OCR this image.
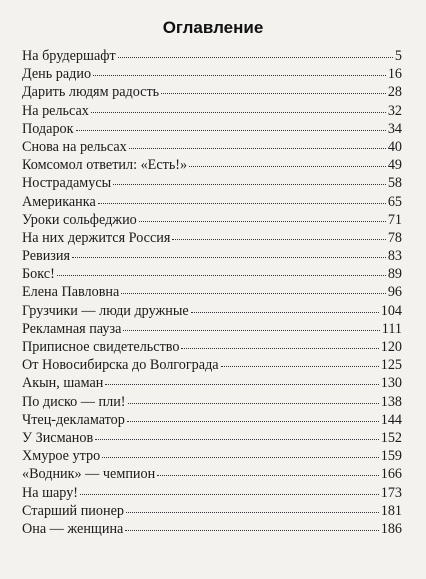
Оглавление
На брудершафт	5
День радио	16
Дарить людям радость	28
На рельсах	32
Подарок	34
Снова на рельсах	40
Комсомол ответил: «Есть!»	49
Нострадамусы	58
Американка	65
Уроки сольфеджио	71
На них держится Россия	78
Ревизия	83
Бокс!	89
Елена Павловна	96
Грузчики — люди дружные	104
Рекламная пауза	111
Приписное свидетельство	120
От Новосибирска до Волгограда	125
Акын, шаман	130
По диско — пли!	138
Чтец-декламатор	144
У Зисманов	152
Хмурое утро	159
«Водник» — чемпион	166
На шару!	173
Старший пионер	181
Она — женщина	186
